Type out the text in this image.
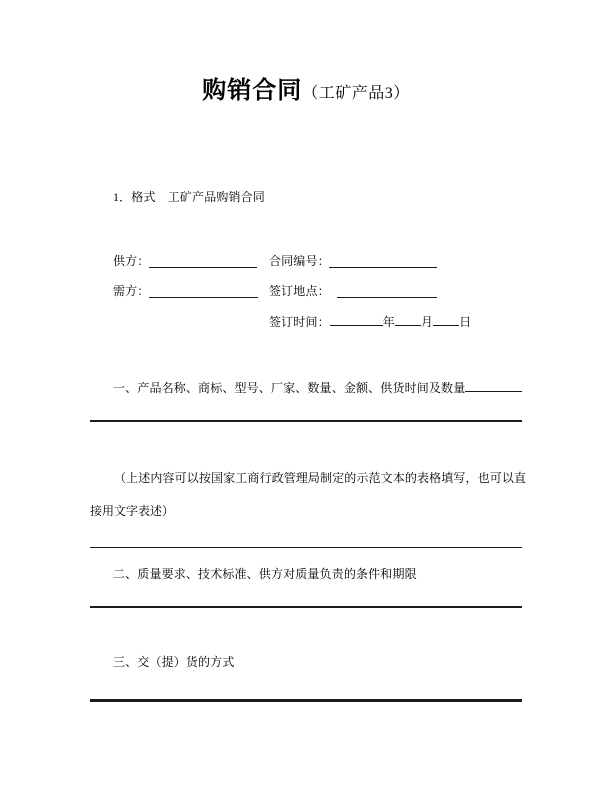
购销合同（工矿产品3）
1．格式　工矿产品购销合同
供方：	合同编号：
需方：	签订地点：
签订时间：	年 月 日
一、产品名称、商标、型号、厂家、数量、金额、供货时间及数量
（上述内容可以按国家工商行政管理局制定的示范文本的表格填写，也可以直接用文字表述）
二、质量要求、技术标准、供方对质量负责的条件和期限
三、交（提）货的方式
